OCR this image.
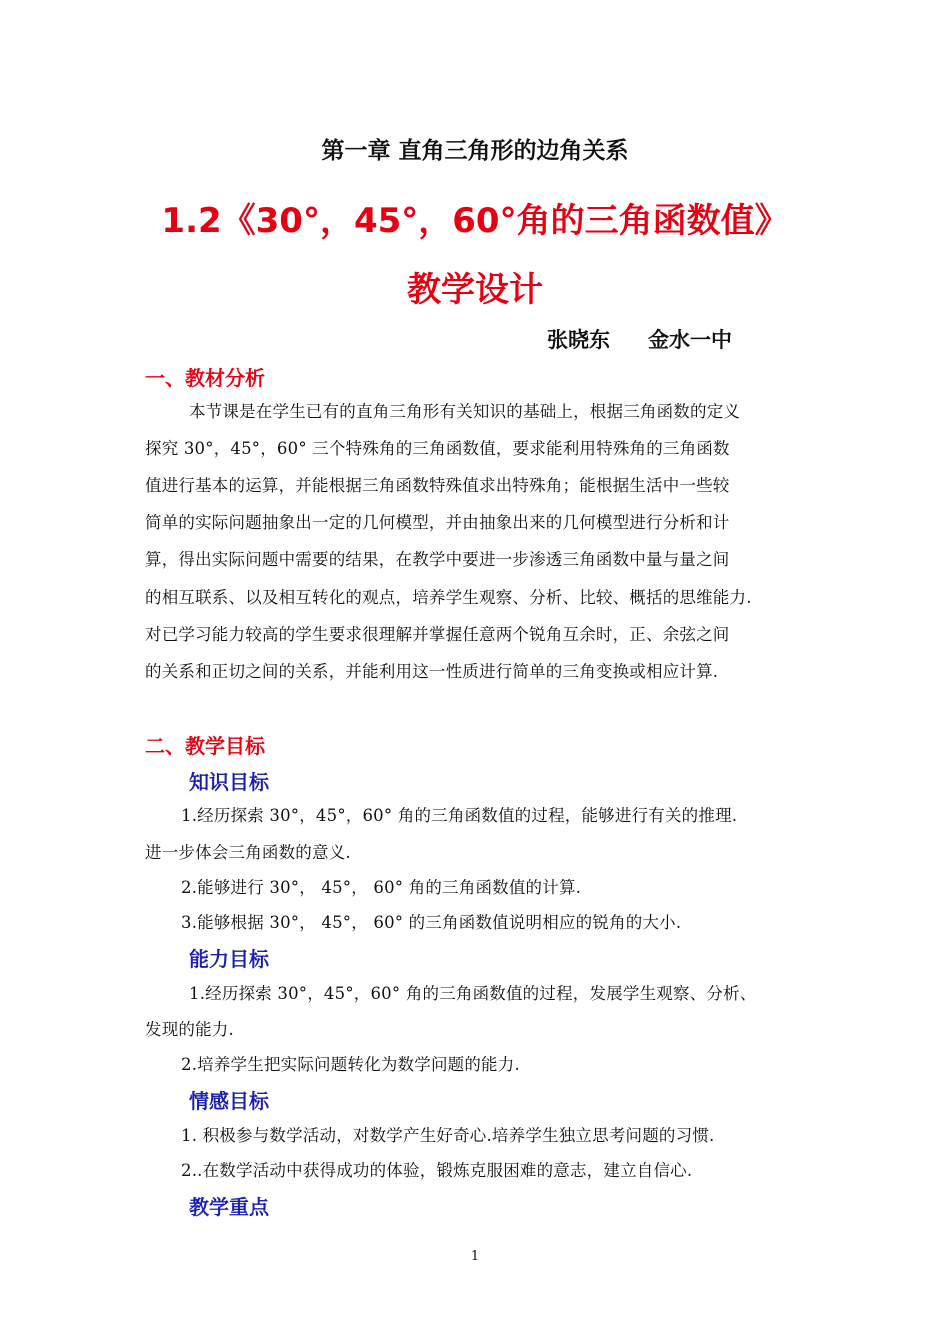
第一章 直角三角形的边角关系
1.2《30°，45°，60°角的三角函数值》
教学设计
张晓东 金水一中
一、教材分析
本节课是在学生已有的直角三角形有关知识的基础上，根据三角函数的定义
探究 30°，45°，60° 三个特殊角的三角函数值，要求能利用特殊角的三角函数
值进行基本的运算，并能根据三角函数特殊值求出特殊角；能根据生活中一些较
简单的实际问题抽象出一定的几何模型，并由抽象出来的几何模型进行分析和计
算，得出实际问题中需要的结果，在教学中要进一步渗透三角函数中量与量之间
的相互联系、以及相互转化的观点，培养学生观察、分析、比较、概括的思维能力.
对已学习能力较高的学生要求很理解并掌握任意两个锐角互余时，正、余弦之间
的关系和正切之间的关系，并能利用这一性质进行简单的三角变换或相应计算.
二、教学目标
知识目标
1.经历探索 30°，45°，60° 角的三角函数值的过程，能够进行有关的推理.
进一步体会三角函数的意义.
2.能够进行 30°， 45°， 60° 角的三角函数值的计算.
3.能够根据 30°， 45°， 60° 的三角函数值说明相应的锐角的大小.
能力目标
1.经历探索 30°，45°，60° 角的三角函数值的过程，发展学生观察、分析、
发现的能力.
2.培养学生把实际问题转化为数学问题的能力.
情感目标
1. 积极参与数学活动，对数学产生好奇心.培养学生独立思考问题的习惯.
2..在数学活动中获得成功的体验，锻炼克服困难的意志，建立自信心.
教学重点
1
